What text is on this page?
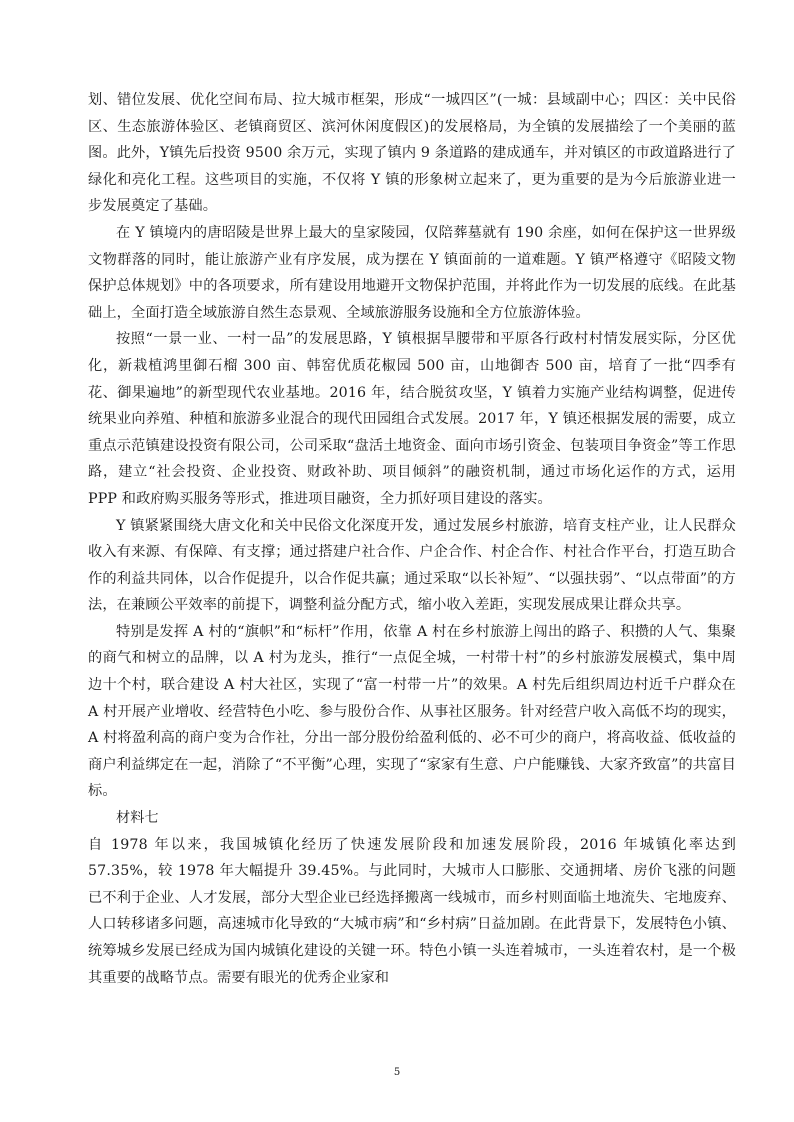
划、错位发展、优化空间布局、拉大城市框架，形成“一城四区”(一城：县域副中心；四区：关中民俗区、生态旅游体验区、老镇商贸区、滨河休闲度假区)的发展格局，为全镇的发展描绘了一个美丽的蓝图。此外，Y镇先后投资 9500 余万元，实现了镇内 9 条道路的建成通车，并对镇区的市政道路进行了绿化和亮化工程。这些项目的实施，不仅将 Y 镇的形象树立起来了，更为重要的是为今后旅游业进一步发展奠定了基础。

在 Y 镇境内的唐昭陵是世界上最大的皇家陵园，仅陪葬墓就有 190 余座，如何在保护这一世界级文物群落的同时，能让旅游产业有序发展，成为摆在 Y 镇面前的一道难题。Y 镇严格遵守《昭陵文物保护总体规划》中的各项要求，所有建设用地避开文物保护范围，并将此作为一切发展的底线。在此基础上，全面打造全域旅游自然生态景观、全域旅游服务设施和全方位旅游体验。

按照“一景一业、一村一品”的发展思路，Y 镇根据旱腰带和平原各行政村村情发展实际，分区优化，新栽植鸿里御石榴 300 亩、韩窑优质花椒园 500 亩，山地御杏 500 亩，培育了一批“四季有花、御果遍地”的新型现代农业基地。2016 年，结合脱贫攻坚，Y 镇着力实施产业结构调整，促进传统果业向养殖、种植和旅游多业混合的现代田园组合式发展。2017 年，Y 镇还根据发展的需要，成立重点示范镇建设投资有限公司，公司采取“盘活土地资金、面向市场引资金、包装项目争资金”等工作思路，建立“社会投资、企业投资、财政补助、项目倾斜”的融资机制，通过市场化运作的方式，运用 PPP 和政府购买服务等形式，推进项目融资，全力抓好项目建设的落实。

Y 镇紧紧围绕大唐文化和关中民俗文化深度开发，通过发展乡村旅游，培育支柱产业，让人民群众收入有来源、有保障、有支撑；通过搭建户社合作、户企合作、村企合作、村社合作平台，打造互助合作的利益共同体，以合作促提升，以合作促共赢；通过采取“以长补短”、“以强扶弱”、“以点带面”的方法，在兼顾公平效率的前提下，调整利益分配方式，缩小收入差距，实现发展成果让群众共享。

特别是发挥 A 村的“旗帜”和“标杆”作用，依靠 A 村在乡村旅游上闯出的路子、积攒的人气、集聚的商气和树立的品牌，以 A 村为龙头，推行“一点促全城，一村带十村”的乡村旅游发展模式，集中周边十个村，联合建设 A 村大社区，实现了“富一村带一片”的效果。A 村先后组织周边村近千户群众在 A 村开展产业增收、经营特色小吃、参与股份合作、从事社区服务。针对经营户收入高低不均的现实，A 村将盈利高的商户变为合作社，分出一部分股份给盈利低的、必不可少的商户，将高收益、低收益的商户利益绑定在一起，消除了“不平衡”心理，实现了“家家有生意、户户能赚钱、大家齐致富”的共富目标。

材料七

自 1978 年以来，我国城镇化经历了快速发展阶段和加速发展阶段，2016 年城镇化率达到 57.35%，较 1978 年大幅提升 39.45%。与此同时，大城市人口膨胀、交通拥堵、房价飞涨的问题已不利于企业、人才发展，部分大型企业已经选择搬离一线城市，而乡村则面临土地流失、宅地废弃、人口转移诸多问题，高速城市化导致的“大城市病”和“乡村病”日益加剧。在此背景下，发展特色小镇、统筹城乡发展已经成为国内城镇化建设的关键一环。特色小镇一头连着城市，一头连着农村，是一个极其重要的战略节点。需要有眼光的优秀企业家和

5
